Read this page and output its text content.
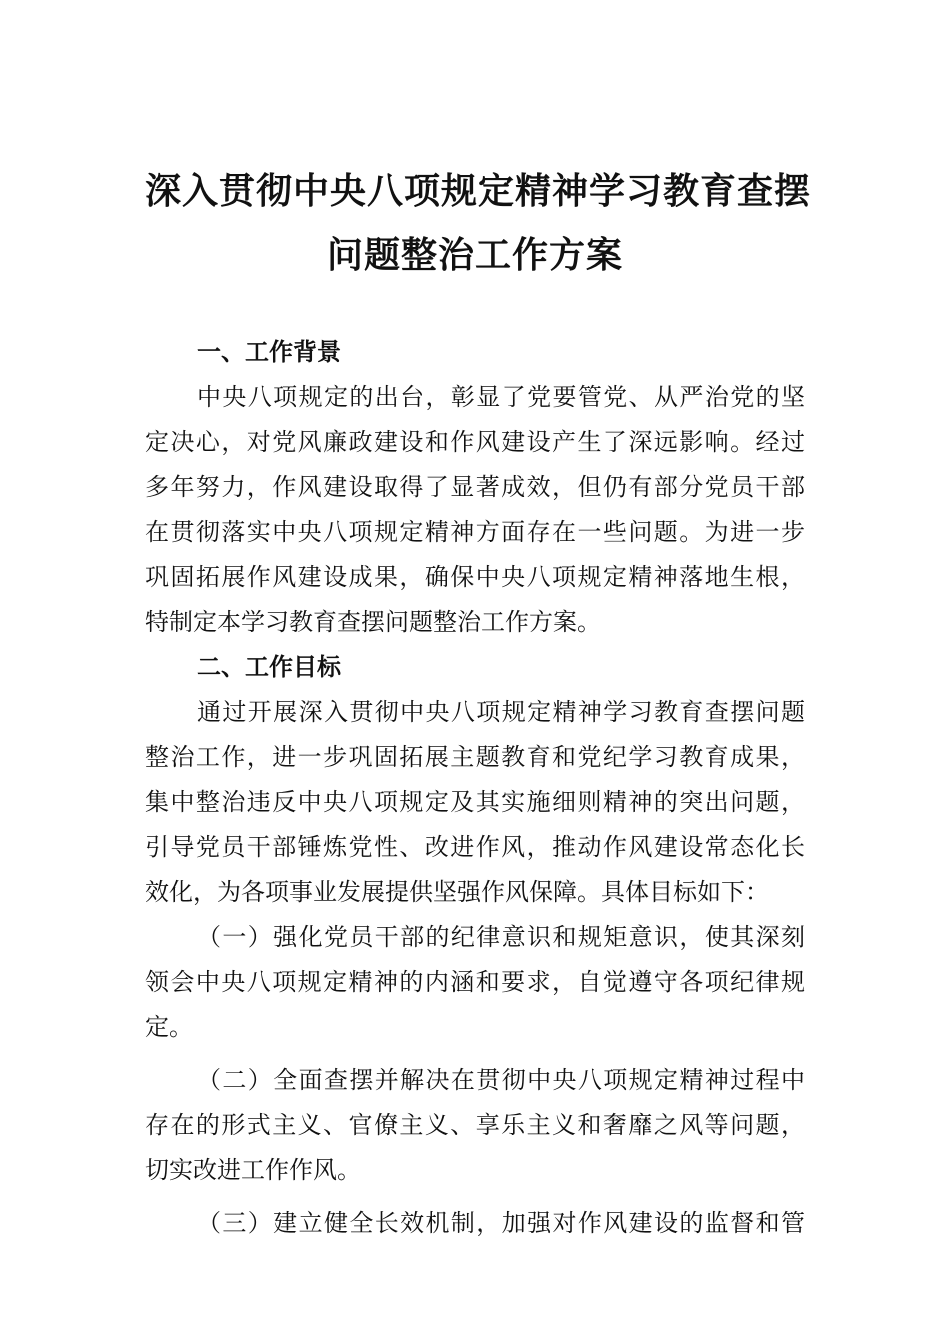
深入贯彻中央八项规定精神学习教育查摆
问题整治工作方案
一、工作背景
中央八项规定的出台，彰显了党要管党、从严治党的坚
定决心，对党风廉政建设和作风建设产生了深远影响。经过
多年努力，作风建设取得了显著成效，但仍有部分党员干部
在贯彻落实中央八项规定精神方面存在一些问题。为进一步
巩固拓展作风建设成果，确保中央八项规定精神落地生根，
特制定本学习教育查摆问题整治工作方案。
二、工作目标
通过开展深入贯彻中央八项规定精神学习教育查摆问题
整治工作，进一步巩固拓展主题教育和党纪学习教育成果，
集中整治违反中央八项规定及其实施细则精神的突出问题，
引导党员干部锤炼党性、改进作风，推动作风建设常态化长
效化，为各项事业发展提供坚强作风保障。具体目标如下：
（一）强化党员干部的纪律意识和规矩意识，使其深刻
领会中央八项规定精神的内涵和要求，自觉遵守各项纪律规
定。
（二）全面查摆并解决在贯彻中央八项规定精神过程中
存在的形式主义、官僚主义、享乐主义和奢靡之风等问题，
切实改进工作作风。
（三）建立健全长效机制，加强对作风建设的监督和管
